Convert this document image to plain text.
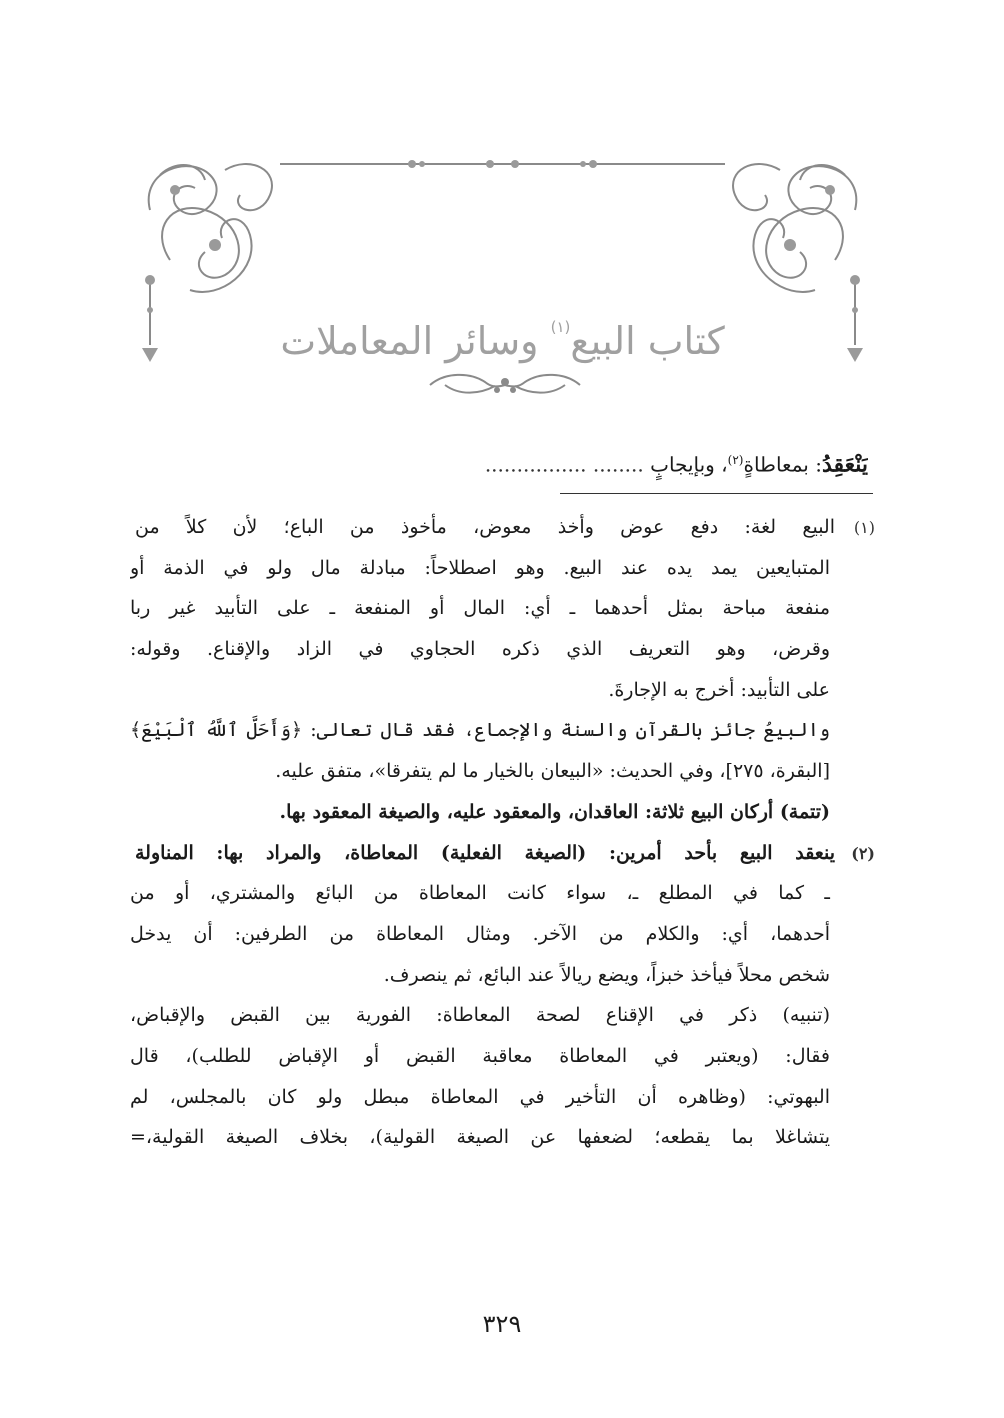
كتاب البيع$^{(١)}$ وسائر المعاملات
يَنْعَقِدُ: بمعاطاةٍ$^{(٢)}$، وبإيجابٍ ........ ................
(١)البيع لغة: دفع عوض وأخذ معوض، مأخوذ من الباع؛ لأن كلاً من
المتبايعين يمد يده عند البيع. وهو اصطلاحاً: مبادلة مال ولو في الذمة أو
منفعة مباحة بمثل أحدهما ـ أي: المال أو المنفعة ـ على التأبيد غير ربا
وقرض، وهو التعريف الذي ذكره الحجاوي في الزاد والإقناع. وقوله:
على التأبيد: أخرج به الإجارةَ.
والبيعُ جائز بالقرآن والسنة والإجماع، فقد قال تعالى: ﴿وَأَحَلَّ ٱللَّهُ ٱلْبَيْعَ﴾
[البقرة، ٢٧٥]، وفي الحديث: «البيعان بالخيار ما لم يتفرقا»، متفق عليه.
(تتمة) أركان البيع ثلاثة: العاقدان، والمعقود عليه، والصيغة المعقود بها.
(٢)ينعقد البيع بأحد أمرين: (الصيغة الفعلية) المعاطاة، والمراد بها: المناولة
ـ كما في المطلع ـ، سواء كانت المعاطاة من البائع والمشتري، أو من
أحدهما، أي: والكلام من الآخر. ومثال المعاطاة من الطرفين: أن يدخل
شخص محلاً فيأخذ خبزاً، ويضع ريالاً عند البائع، ثم ينصرف.
(تنبيه) ذكر في الإقناع لصحة المعاطاة: الفورية بين القبض والإقباض،
فقال: (ويعتبر في المعاطاة معاقبة القبض أو الإقباض للطلب)، قال
البهوتي: (وظاهره أن التأخير في المعاطاة مبطل ولو كان بالمجلس، لم
يتشاغلا بما يقطعه؛ لضعفها عن الصيغة القولية)، بخلاف الصيغة القولية،=
٣٢٩
